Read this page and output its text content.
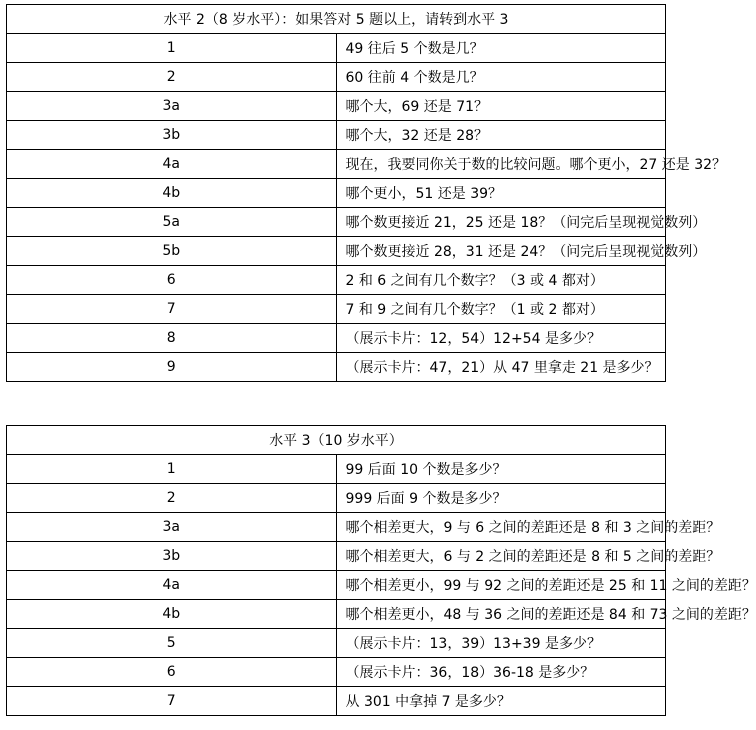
水平 2（8 岁水平）：如果答对 5 题以上，请转到水平 3	
1	49 往后 5 个数是几？
2	60 往前 4 个数是几？
3a	哪个大，69 还是 71？
3b	哪个大，32 还是 28？
4a	现在，我要同你关于数的比较问题。哪个更小，27 还是 32？
4b	哪个更小，51 还是 39？
5a	哪个数更接近 21，25 还是 18？（问完后呈现视觉数列）
5b	哪个数更接近 28，31 还是 24？（问完后呈现视觉数列）
6	2 和 6 之间有几个数字？（3 或 4 都对）
7	7 和 9 之间有几个数字？（1 或 2 都对）
8	（展示卡片：12，54）12+54 是多少？
9	（展示卡片：47，21）从 47 里拿走 21 是多少？
水平 3（10 岁水平）	
1	99 后面 10 个数是多少？
2	999 后面 9 个数是多少？
3a	哪个相差更大，9 与 6 之间的差距还是 8 和 3 之间的差距？
3b	哪个相差更大，6 与 2 之间的差距还是 8 和 5 之间的差距？
4a	哪个相差更小，99 与 92 之间的差距还是 25 和 11 之间的差距？
4b	哪个相差更小，48 与 36 之间的差距还是 84 和 73 之间的差距？
5	（展示卡片：13，39）13+39 是多少？
6	（展示卡片：36，18）36-18 是多少？
7	从 301 中拿掉 7 是多少？
